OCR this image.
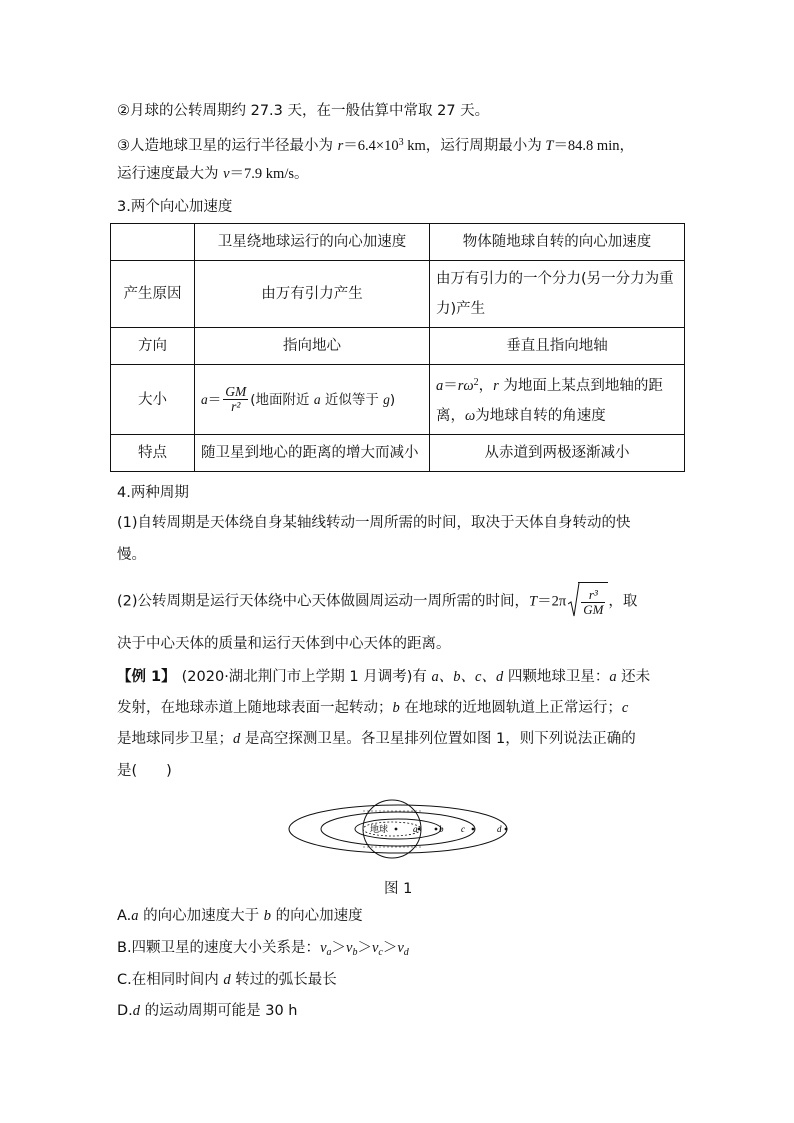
②月球的公转周期约 27.3 天，在一般估算中常取 27 天。
③人造地球卫星的运行半径最小为 $r=6.4\times 10^3$ km，运行周期最小为 T＝84.8 min，
运行速度最大为 v＝7.9 km/s。
3.两个向心加速度
	卫星绕地球运行的向心加速度	物体随地球自转的向心加速度
产生原因	由万有引力产生	由万有引力的一个分力(另一分力为重力)产生
方向	指向地心	垂直且指向地轴
大小	$a= \frac{GM}{\text{r²}}$ (地面附近 a 近似等于 g)	$a=r\omega^2$，r 为地面上某点到地轴的距离，ω为地球自转的角速度
特点	随卫星到地心的距离的增大而减小	从赤道到两极逐渐减小
4.两种周期
(1)自转周期是天体绕自身某轴线转动一周所需的时间，取决于天体自身转动的快
慢。
(2)公转周期是运行天体绕中心天体做圆周运动一周所需的时间，$T=2\pi \frac{\text{r³}}{GM}$ ，取
决于中心天体的质量和运行天体到中心天体的距离。
【例 1】 (2020·湖北荆门市上学期 1 月调考)有 a、b、c、d 四颗地球卫星：a 还未
发射，在地球赤道上随地球表面一起转动；b 在地球的近地圆轨道上正常运行；c
是地球同步卫星；d 是高空探测卫星。各卫星排列位置如图 1，则下列说法正确的
是(　　)
地球	a b c	d
图 1
A.a 的向心加速度大于 b 的向心加速度
B.四颗卫星的速度大小关系是：$v_a>v_b>v_c>v_d$
C.在相同时间内 d 转过的弧长最长
D.d 的运动周期可能是 30 h
